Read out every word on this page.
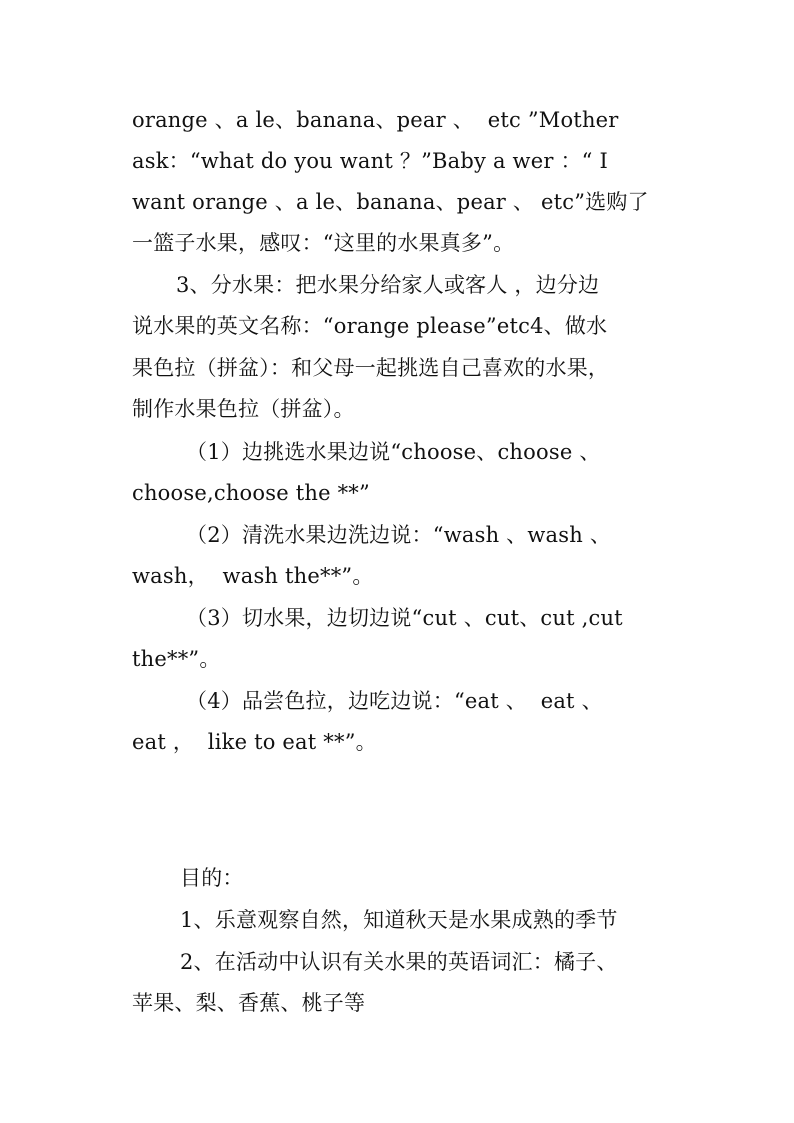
orange 、a le、banana、pear 、  etc ”Mother
ask：“what do you want ？”Baby a wer ：“ I
want orange 、a le、banana、pear 、 etc”选购了
一篮子水果，感叹：“这里的水果真多”。
3、分水果：把水果分给家人或客人 ，边分边
说水果的英文名称：“orange please”etc4、做水
果色拉（拼盆）：和父母一起挑选自己喜欢的水果，
制作水果色拉（拼盆）。
（1）边挑选水果边说“choose、choose 、
choose,choose the **”
（2）清洗水果边洗边说：“wash 、wash 、
wash，  wash the**”。
（3）切水果，边切边说“cut 、cut、cut ,cut
the**”。
（4）品尝色拉，边吃边说：“eat 、  eat 、
eat ，  like to eat **”。
目的：
1、乐意观察自然，知道秋天是水果成熟的季节
2、在活动中认识有关水果的英语词汇：橘子、
苹果、梨、香蕉、桃子等
